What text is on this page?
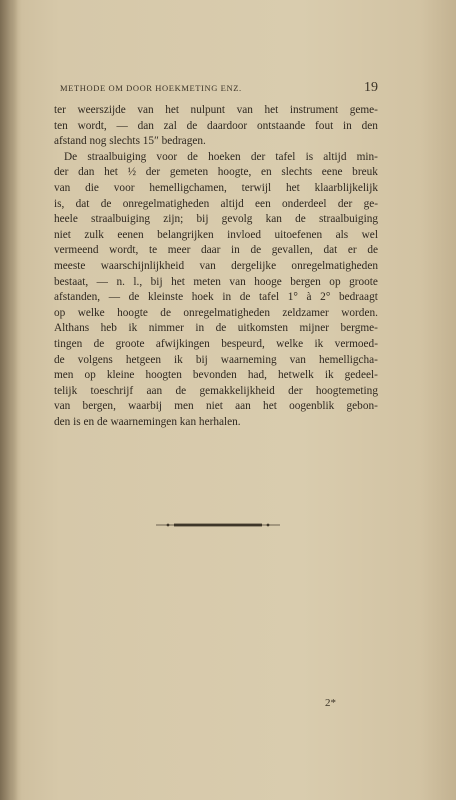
METHODE OM DOOR HOEKMETING ENZ.	19
ter weerszijde van het nulpunt van het instrument geme-
ten wordt, — dan zal de daardoor ontstaande fout in den
afstand nog slechts 15″ bedragen.
De straalbuiging voor de hoeken der tafel is altijd min-
der dan het ½ der gemeten hoogte, en slechts eene breuk
van die voor hemelligchamen, terwijl het klaarblijkelijk
is, dat de onregelmatigheden altijd een onderdeel der ge-
heele straalbuiging zijn; bij gevolg kan de straalbuiging
niet zulk eenen belangrijken invloed uitoefenen als wel
vermeend wordt, te meer daar in de gevallen, dat er de
meeste waarschijnlijkheid van dergelijke onregelmatigheden
bestaat, — n. l., bij het meten van hooge bergen op groote
afstanden, — de kleinste hoek in de tafel 1° à 2° bedraagt
op welke hoogte de onregelmatigheden zeldzamer worden.
Althans heb ik nimmer in de uitkomsten mijner bergme-
tingen de groote afwijkingen bespeurd, welke ik vermoed-
de volgens hetgeen ik bij waarneming van hemelligcha-
men op kleine hoogten bevonden had, hetwelk ik gedeel-
telijk toeschrijf aan de gemakkelijkheid der hoogtemeting
van bergen, waarbij men niet aan het oogenblik gebon-
den is en de waarnemingen kan herhalen.
2*
